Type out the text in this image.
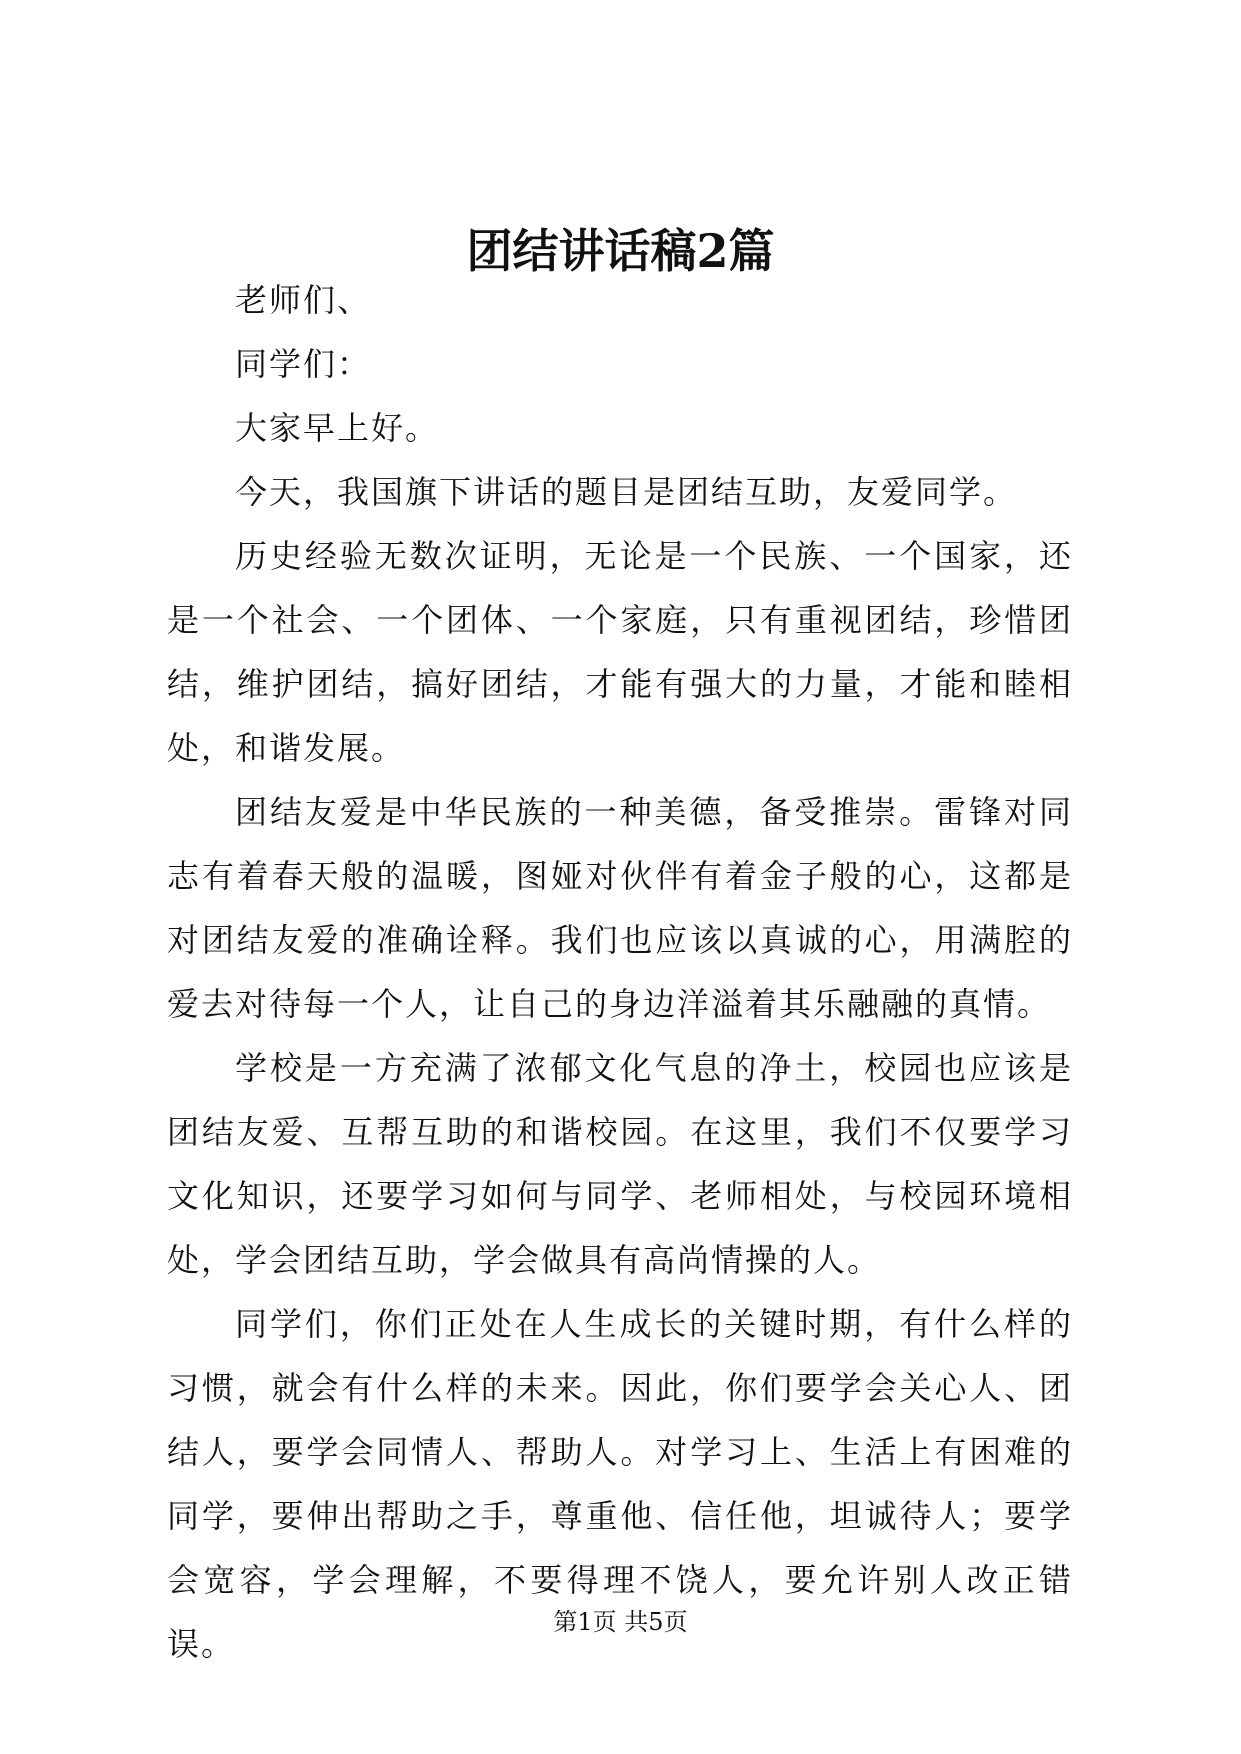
团结讲话稿2篇

老师们、

同学们：

大家早上好。

今天，我国旗下讲话的题目是团结互助，友爱同学。

历史经验无数次证明，无论是一个民族、一个国家，还是一个社会、一个团体、一个家庭，只有重视团结，珍惜团结，维护团结，搞好团结，才能有强大的力量，才能和睦相处，和谐发展。

团结友爱是中华民族的一种美德，备受推崇。雷锋对同志有着春天般的温暖，图娅对伙伴有着金子般的心，这都是对团结友爱的准确诠释。我们也应该以真诚的心，用满腔的爱去对待每一个人，让自己的身边洋溢着其乐融融的真情。

学校是一方充满了浓郁文化气息的净土，校园也应该是团结友爱、互帮互助的和谐校园。在这里，我们不仅要学习文化知识，还要学习如何与同学、老师相处，与校园环境相处，学会团结互助，学会做具有高尚情操的人。

同学们，你们正处在人生成长的关键时期，有什么样的习惯，就会有什么样的未来。因此，你们要学会关心人、团结人，要学会同情人、帮助人。对学习上、生活上有困难的同学，要伸出帮助之手，尊重他、信任他，坦诚待人；要学会宽容，学会理解，不要得理不饶人，要允许别人改正错误。

第1页 共5页
